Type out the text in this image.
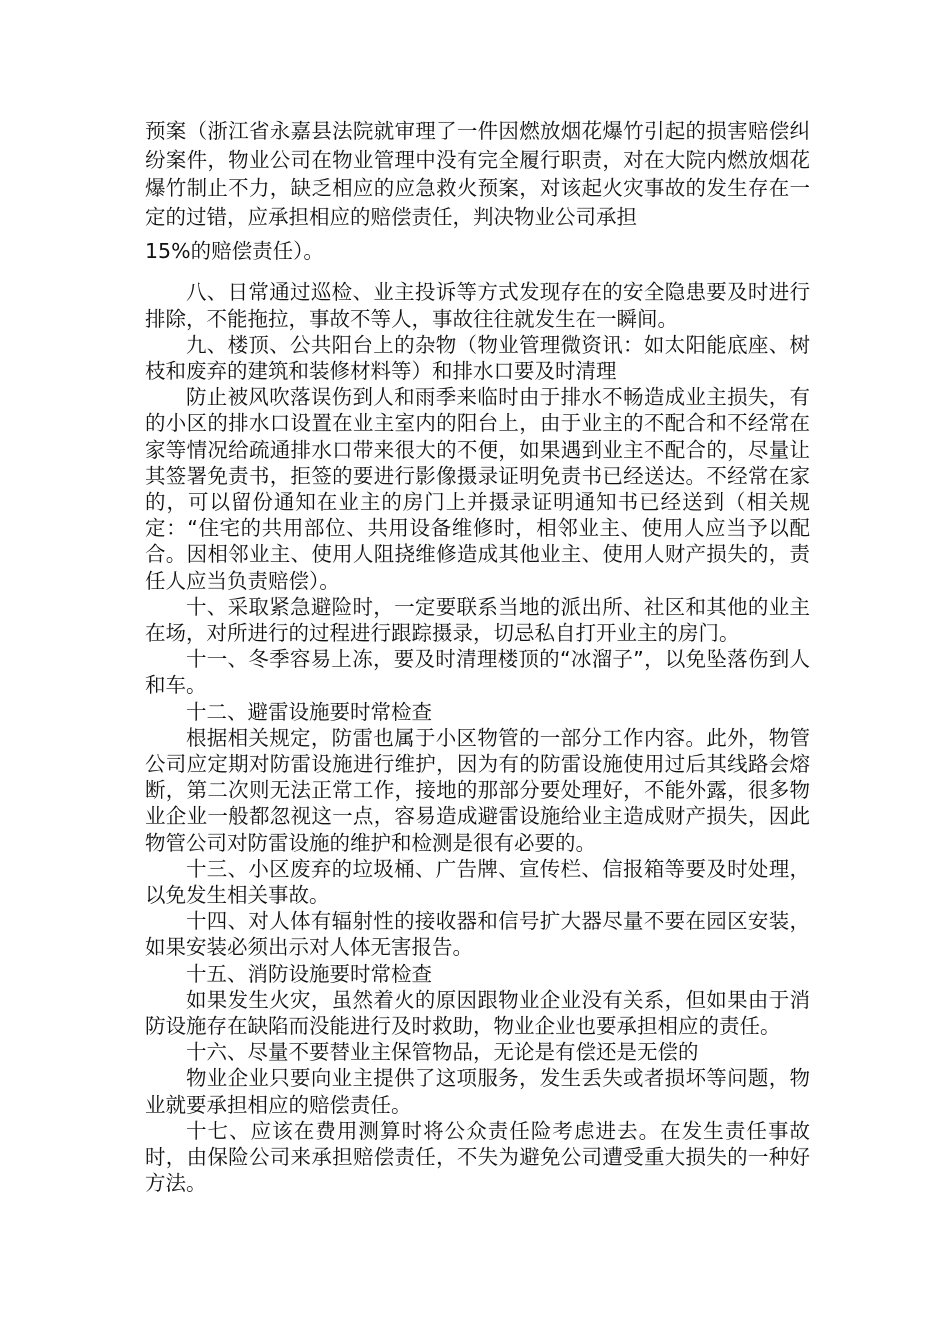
预案（浙江省永嘉县法院就审理了一件因燃放烟花爆竹引起的损害赔偿纠纷案件，物业公司在物业管理中没有完全履行职责，对在大院内燃放烟花爆竹制止不力，缺乏相应的应急救火预案，对该起火灾事故的发生存在一定的过错，应承担相应的赔偿责任，判决物业公司承担

15%的赔偿责任）。

八、日常通过巡检、业主投诉等方式发现存在的安全隐患要及时进行排除，不能拖拉，事故不等人，事故往往就发生在一瞬间。

九、楼顶、公共阳台上的杂物（物业管理微资讯：如太阳能底座、树枝和废弃的建筑和装修材料等）和排水口要及时清理

防止被风吹落误伤到人和雨季来临时由于排水不畅造成业主损失，有的小区的排水口设置在业主室内的阳台上，由于业主的不配合和不经常在家等情况给疏通排水口带来很大的不便，如果遇到业主不配合的，尽量让其签署免责书，拒签的要进行影像摄录证明免责书已经送达。不经常在家的，可以留份通知在业主的房门上并摄录证明通知书已经送到（相关规定：“住宅的共用部位、共用设备维修时，相邻业主、使用人应当予以配合。因相邻业主、使用人阻挠维修造成其他业主、使用人财产损失的，责任人应当负责赔偿）。

十、采取紧急避险时，一定要联系当地的派出所、社区和其他的业主在场，对所进行的过程进行跟踪摄录，切忌私自打开业主的房门。

十一、冬季容易上冻，要及时清理楼顶的“冰溜子”，以免坠落伤到人和车。

十二、避雷设施要时常检查

根据相关规定，防雷也属于小区物管的一部分工作内容。此外，物管公司应定期对防雷设施进行维护，因为有的防雷设施使用过后其线路会熔断，第二次则无法正常工作，接地的那部分要处理好，不能外露，很多物业企业一般都忽视这一点，容易造成避雷设施给业主造成财产损失，因此物管公司对防雷设施的维护和检测是很有必要的。

十三、小区废弃的垃圾桶、广告牌、宣传栏、信报箱等要及时处理，以免发生相关事故。

十四、对人体有辐射性的接收器和信号扩大器尽量不要在园区安装，如果安装必须出示对人体无害报告。

十五、消防设施要时常检查

如果发生火灾，虽然着火的原因跟物业企业没有关系，但如果由于消防设施存在缺陷而没能进行及时救助，物业企业也要承担相应的责任。

十六、尽量不要替业主保管物品，无论是有偿还是无偿的

物业企业只要向业主提供了这项服务，发生丢失或者损坏等问题，物业就要承担相应的赔偿责任。

十七、应该在费用测算时将公众责任险考虑进去。在发生责任事故时，由保险公司来承担赔偿责任，不失为避免公司遭受重大损失的一种好方法。
